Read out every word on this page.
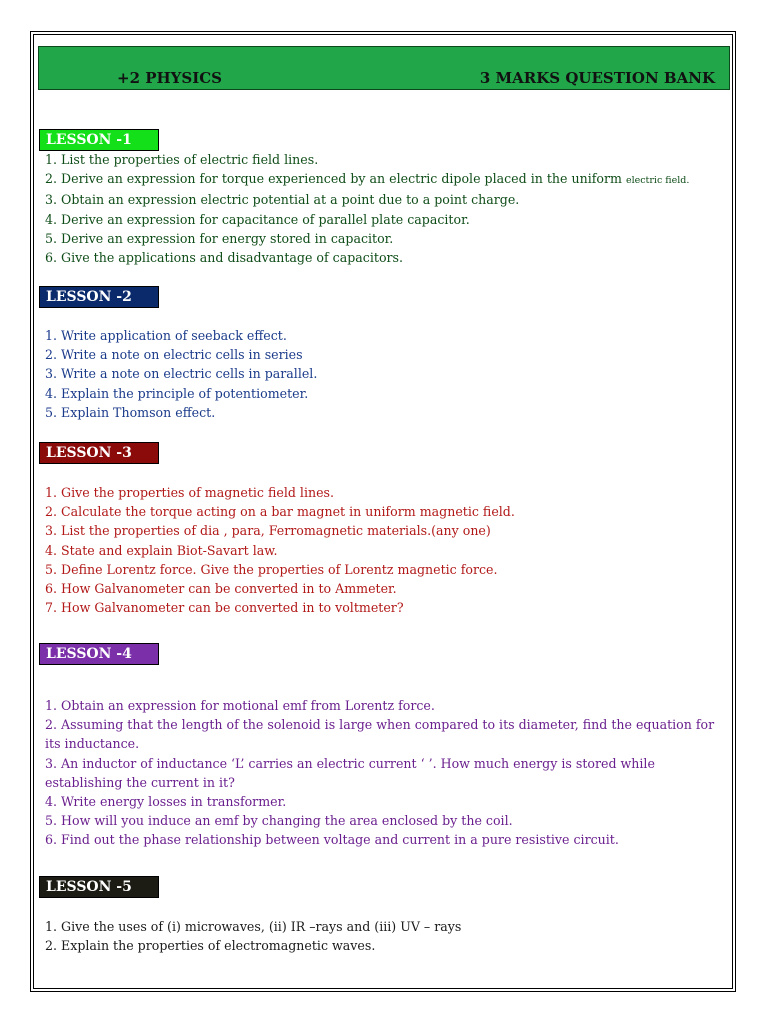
+2 PHYSICS	3 MARKS QUESTION BANK
LESSON -1
1. List the properties of electric field lines.
2. Derive an expression for torque experienced by an electric dipole placed in the uniform electric field.
3. Obtain an expression electric potential at a point due to a point charge.
4. Derive an expression for capacitance of parallel plate capacitor.
5. Derive an expression for energy stored in capacitor.
6. Give the applications and disadvantage of capacitors.
LESSON -2
1. Write application of seeback effect.
2. Write a note on electric cells in series
3. Write a note on electric cells in parallel.
4. Explain the principle of potentiometer.
5. Explain Thomson effect.
LESSON -3
1. Give the properties of magnetic field lines.
2. Calculate the torque acting on a bar magnet in uniform magnetic field.
3. List the properties of dia , para, Ferromagnetic materials.(any one)
4. State and explain Biot-Savart law.
5. Define Lorentz force. Give the properties of Lorentz magnetic force.
6. How Galvanometer can be converted in to Ammeter.
7. How Galvanometer can be converted in to voltmeter?
LESSON -4
1. Obtain an expression for motional emf from Lorentz force.
2. Assuming that the length of the solenoid is large when compared to its diameter, find the equation for its inductance.
3. An inductor of inductance ‘L’ carries an electric current ‘ ’. How much energy is stored while establishing the current in it?
4. Write energy losses in transformer.
5. How will you induce an emf by changing the area enclosed by the coil.
6. Find out the phase relationship between voltage and current in a pure resistive circuit.
LESSON -5
1. Give the uses of (i) microwaves, (ii) IR –rays and (iii) UV – rays
2. Explain the properties of electromagnetic waves.
